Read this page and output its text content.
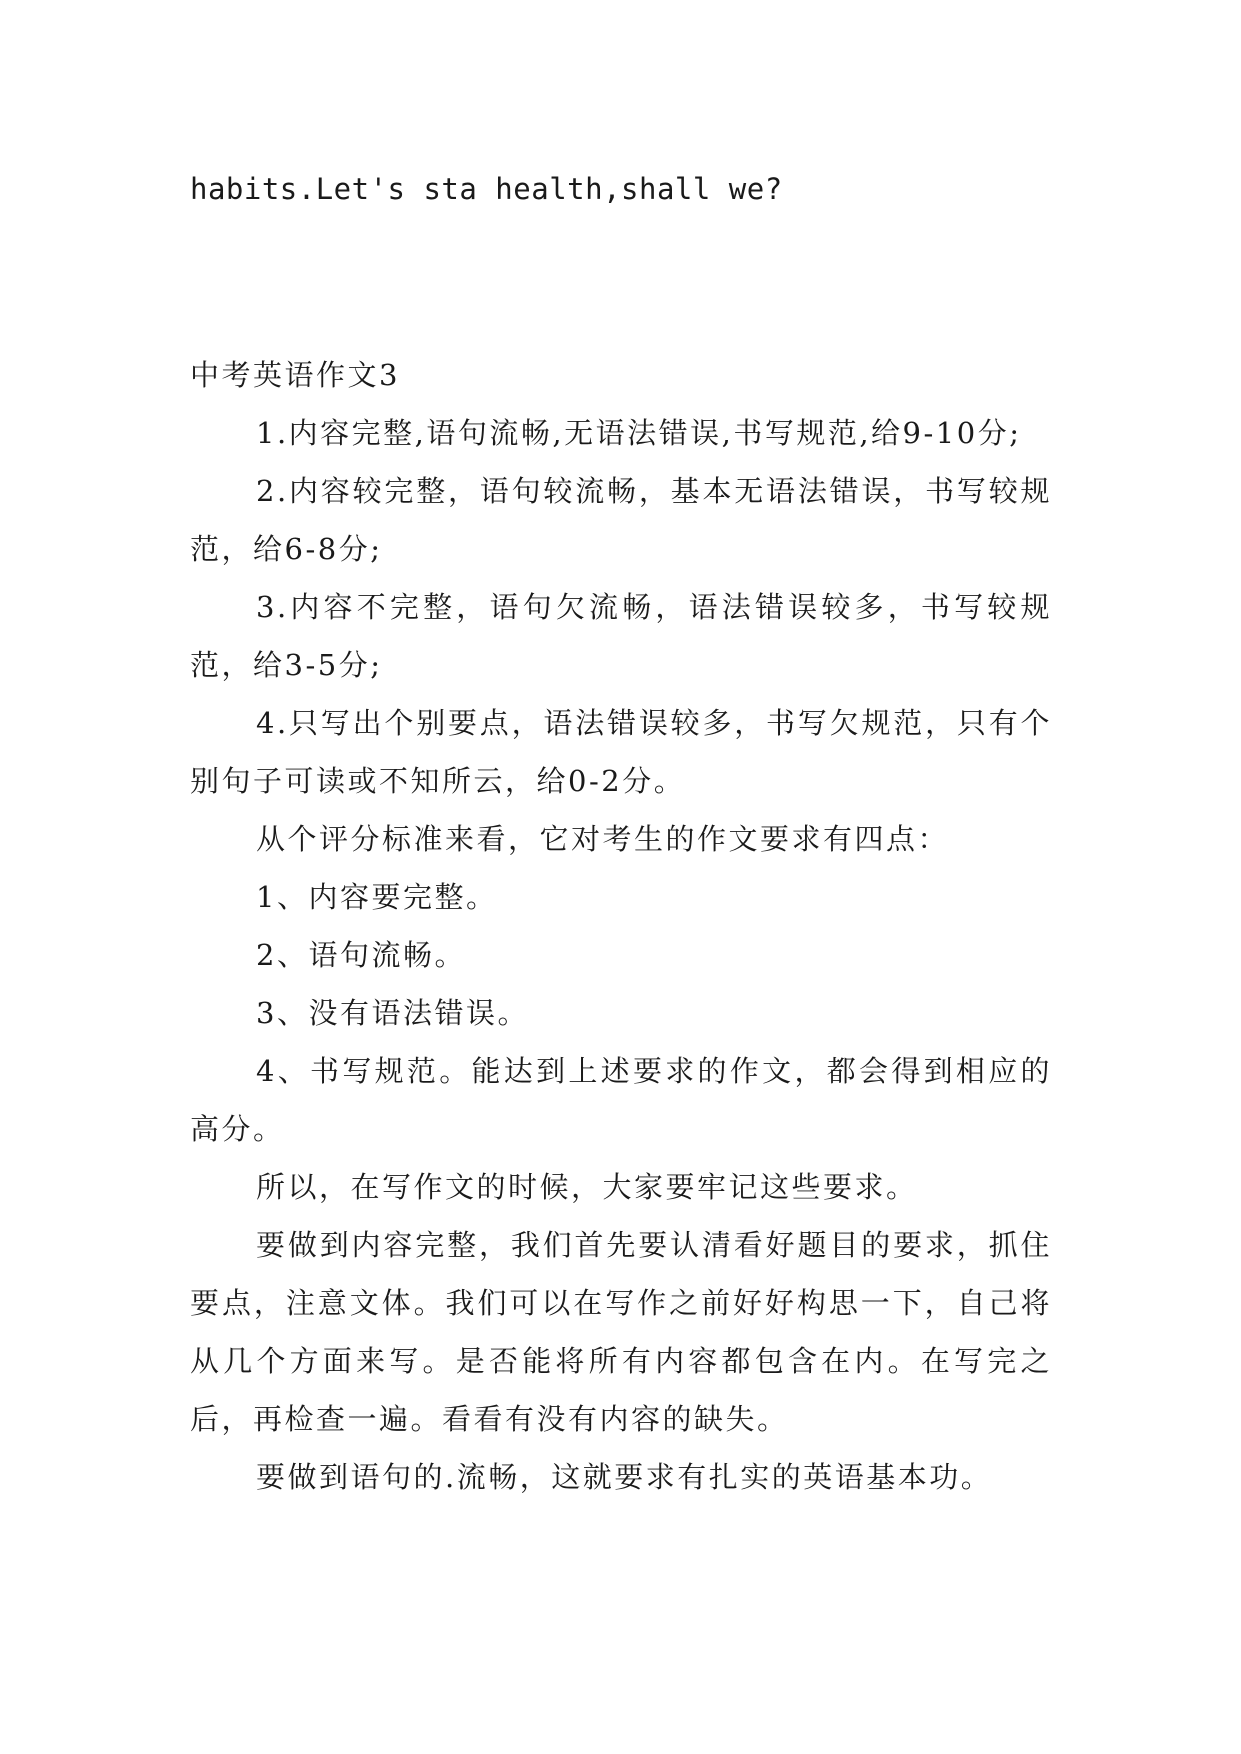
habits.Let's sta health,shall we?

中考英语作文3

1.内容完整,语句流畅,无语法错误,书写规范,给9-10分;

2.内容较完整，语句较流畅，基本无语法错误，书写较规范，给6-8分;

3.内容不完整，语句欠流畅，语法错误较多，书写较规范，给3-5分;

4.只写出个别要点，语法错误较多，书写欠规范，只有个别句子可读或不知所云，给0-2分。

从个评分标准来看，它对考生的作文要求有四点：

1、内容要完整。

2、语句流畅。

3、没有语法错误。

4、书写规范。能达到上述要求的作文，都会得到相应的高分。

所以，在写作文的时候，大家要牢记这些要求。

要做到内容完整，我们首先要认清看好题目的要求，抓住要点，注意文体。我们可以在写作之前好好构思一下，自己将从几个方面来写。是否能将所有内容都包含在内。在写完之后，再检查一遍。看看有没有内容的缺失。

要做到语句的.流畅，这就要求有扎实的英语基本功。
